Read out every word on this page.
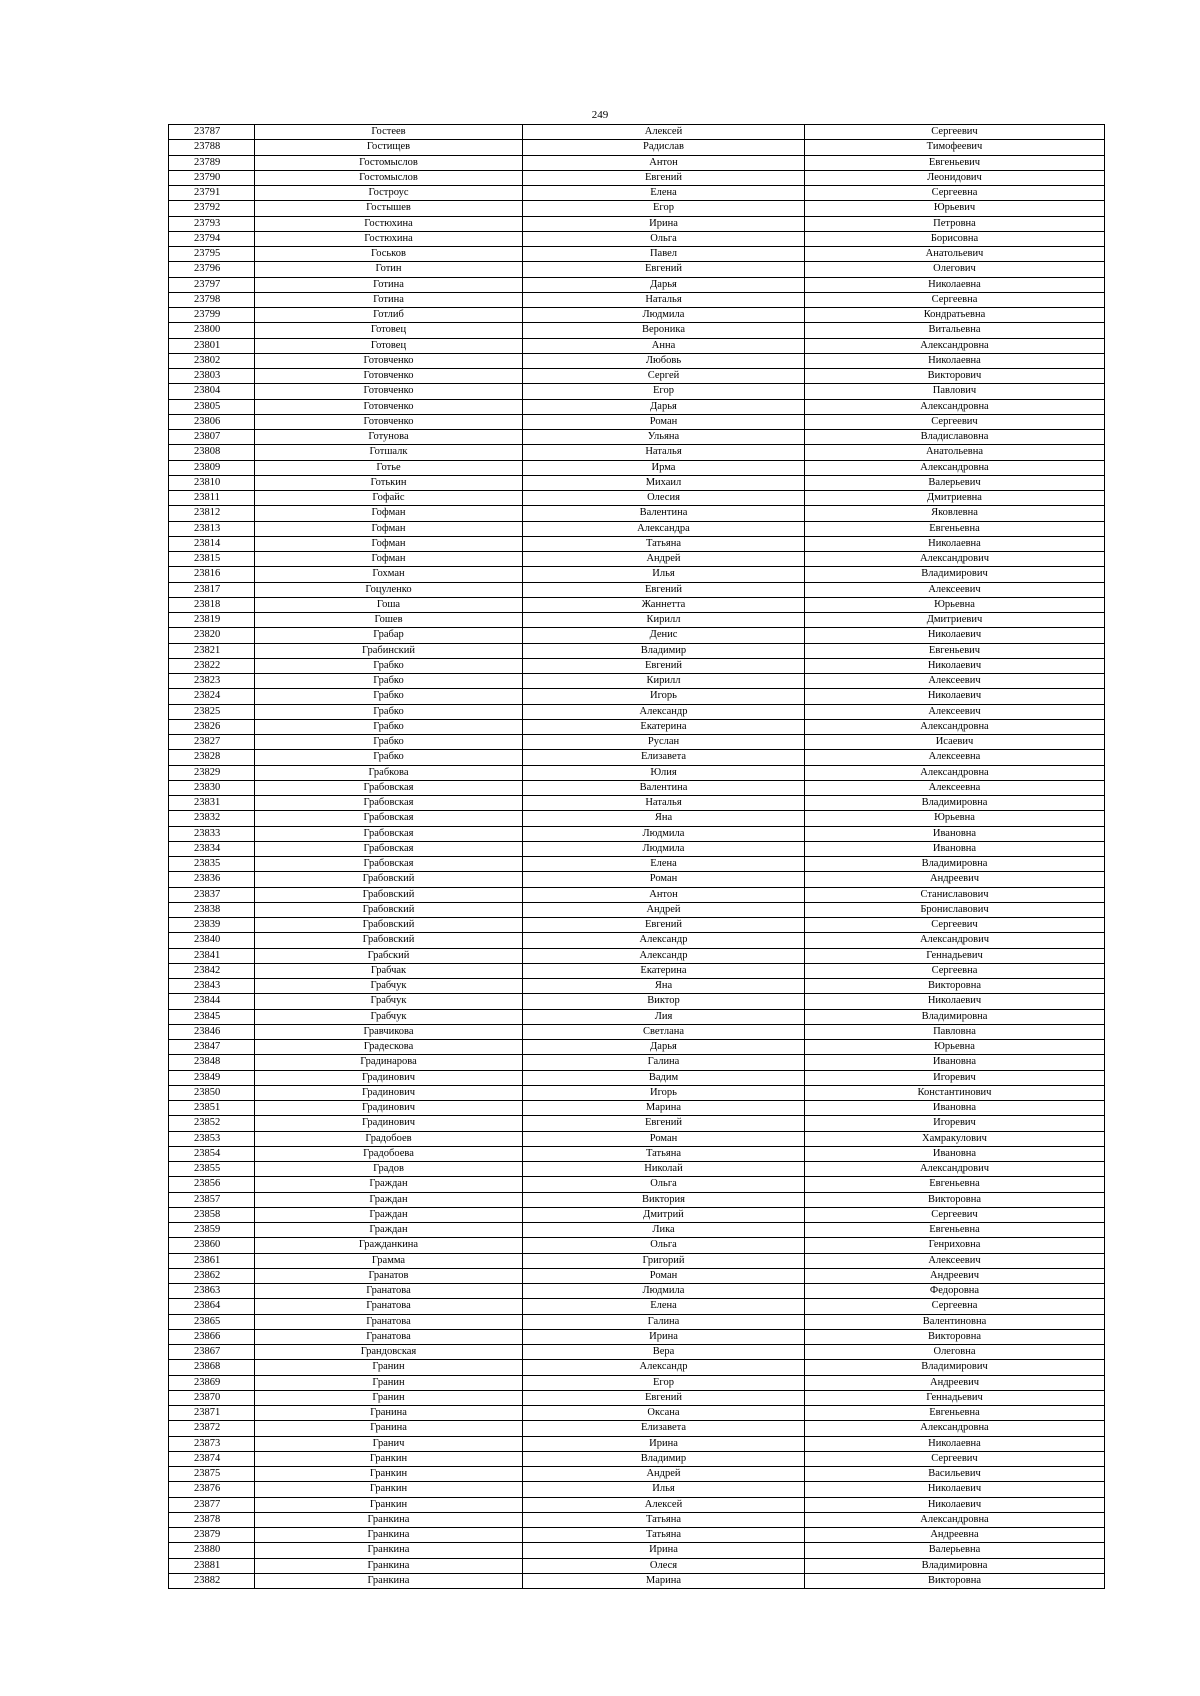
249
23787	Гостеев	Алексей	Сергеевич
23788	Гостищев	Радислав	Тимофеевич
23789	Гостомыслов	Антон	Евгеньевич
23790	Гостомыслов	Евгений	Леонидович
23791	Гостроус	Елена	Сергеевна
23792	Гостышев	Егор	Юрьевич
23793	Гостюхина	Ирина	Петровна
23794	Гостюхина	Ольга	Борисовна
23795	Госьков	Павел	Анатольевич
23796	Готин	Евгений	Олегович
23797	Готина	Дарья	Николаевна
23798	Готина	Наталья	Сергеевна
23799	Готлиб	Людмила	Кондратьевна
23800	Готовец	Вероника	Витальевна
23801	Готовец	Анна	Александровна
23802	Готовченко	Любовь	Николаевна
23803	Готовченко	Сергей	Викторович
23804	Готовченко	Егор	Павлович
23805	Готовченко	Дарья	Александровна
23806	Готовченко	Роман	Сергеевич
23807	Готунова	Ульяна	Владиславовна
23808	Готшалк	Наталья	Анатольевна
23809	Готье	Ирма	Александровна
23810	Готькин	Михаил	Валерьевич
23811	Гофайс	Олесия	Дмитриевна
23812	Гофман	Валентина	Яковлевна
23813	Гофман	Александра	Евгеньевна
23814	Гофман	Татьяна	Николаевна
23815	Гофман	Андрей	Александрович
23816	Гохман	Илья	Владимирович
23817	Гоцуленко	Евгений	Алексеевич
23818	Гоша	Жаннетта	Юрьевна
23819	Гошев	Кирилл	Дмитриевич
23820	Грабар	Денис	Николаевич
23821	Грабинский	Владимир	Евгеньевич
23822	Грабко	Евгений	Николаевич
23823	Грабко	Кирилл	Алексеевич
23824	Грабко	Игорь	Николаевич
23825	Грабко	Александр	Алексеевич
23826	Грабко	Екатерина	Александровна
23827	Грабко	Руслан	Исаевич
23828	Грабко	Елизавета	Алексеевна
23829	Грабкова	Юлия	Александровна
23830	Грабовская	Валентина	Алексеевна
23831	Грабовская	Наталья	Владимировна
23832	Грабовская	Яна	Юрьевна
23833	Грабовская	Людмила	Ивановна
23834	Грабовская	Людмила	Ивановна
23835	Грабовская	Елена	Владимировна
23836	Грабовский	Роман	Андреевич
23837	Грабовский	Антон	Станиславович
23838	Грабовский	Андрей	Брониславович
23839	Грабовский	Евгений	Сергеевич
23840	Грабовский	Александр	Александрович
23841	Грабский	Александр	Геннадьевич
23842	Грабчак	Екатерина	Сергеевна
23843	Грабчук	Яна	Викторовна
23844	Грабчук	Виктор	Николаевич
23845	Грабчук	Лия	Владимировна
23846	Гравчикова	Светлана	Павловна
23847	Градескова	Дарья	Юрьевна
23848	Градинарова	Галина	Ивановна
23849	Градинович	Вадим	Игоревич
23850	Градинович	Игорь	Константинович
23851	Градинович	Марина	Ивановна
23852	Градинович	Евгений	Игоревич
23853	Градобоев	Роман	Хамракулович
23854	Градобоева	Татьяна	Ивановна
23855	Градов	Николай	Александрович
23856	Граждан	Ольга	Евгеньевна
23857	Граждан	Виктория	Викторовна
23858	Граждан	Дмитрий	Сергеевич
23859	Граждан	Лика	Евгеньевна
23860	Гражданкина	Ольга	Генриховна
23861	Грамма	Григорий	Алексеевич
23862	Гранатов	Роман	Андреевич
23863	Гранатова	Людмила	Федоровна
23864	Гранатова	Елена	Сергеевна
23865	Гранатова	Галина	Валентиновна
23866	Гранатова	Ирина	Викторовна
23867	Грандовская	Вера	Олеговна
23868	Гранин	Александр	Владимирович
23869	Гранин	Егор	Андреевич
23870	Гранин	Евгений	Геннадьевич
23871	Гранина	Оксана	Евгеньевна
23872	Гранина	Елизавета	Александровна
23873	Гранич	Ирина	Николаевна
23874	Гранкин	Владимир	Сергеевич
23875	Гранкин	Андрей	Васильевич
23876	Гранкин	Илья	Николаевич
23877	Гранкин	Алексей	Николаевич
23878	Гранкина	Татьяна	Александровна
23879	Гранкина	Татьяна	Андреевна
23880	Гранкина	Ирина	Валерьевна
23881	Гранкина	Олеся	Владимировна
23882	Гранкина	Марина	Викторовна
